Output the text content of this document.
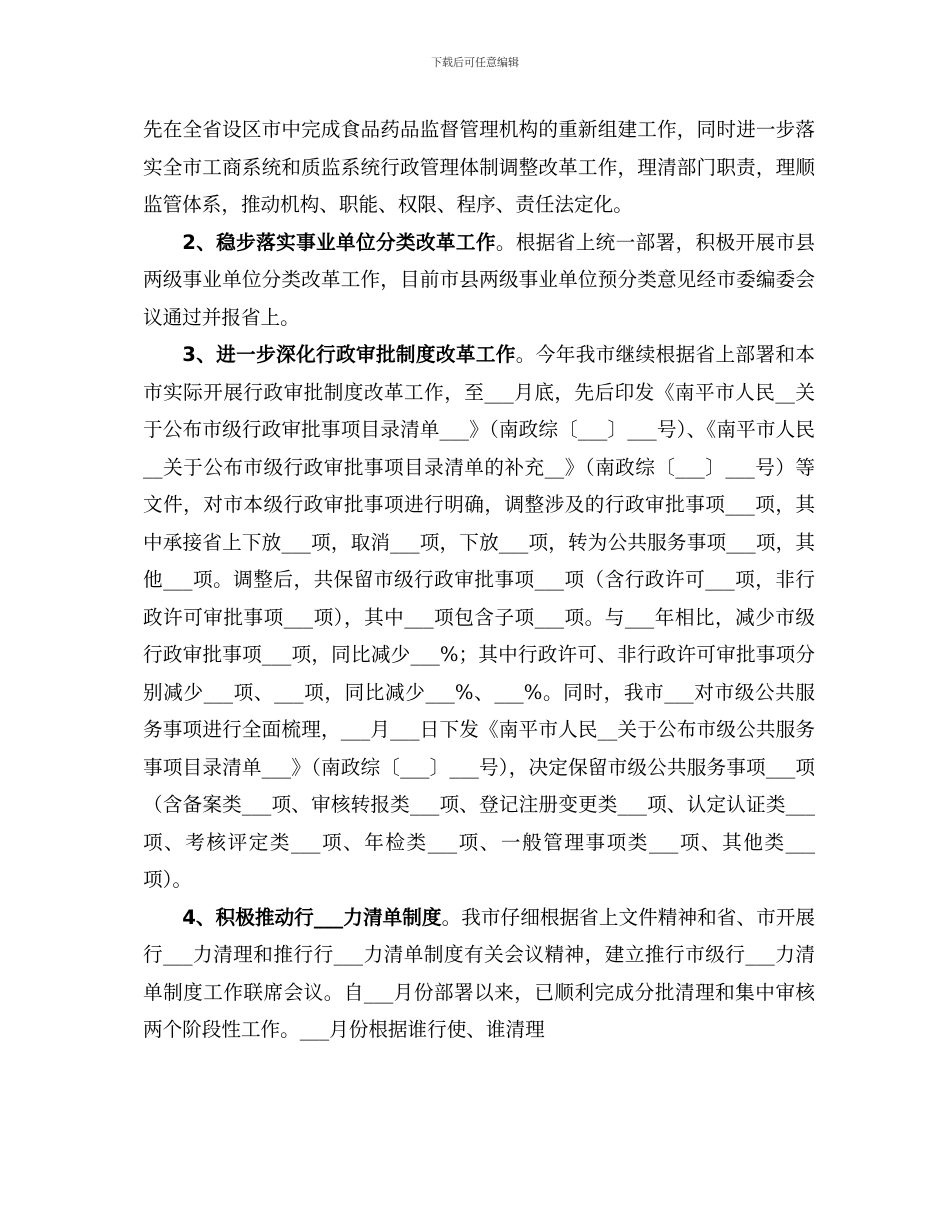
下载后可任意编辑

先在全省设区市中完成食品药品监督管理机构的重新组建工作，同时进一步落实全市工商系统和质监系统行政管理体制调整改革工作，理清部门职责，理顺监管体系，推动机构、职能、权限、程序、责任法定化。

2、稳步落实事业单位分类改革工作。根据省上统一部署，积极开展市县两级事业单位分类改革工作，目前市县两级事业单位预分类意见经市委编委会议通过并报省上。

3、进一步深化行政审批制度改革工作。今年我市继续根据省上部署和本市实际开展行政审批制度改革工作，至___月底，先后印发《南平市人民__关于公布市级行政审批事项目录清单___》（南政综〔___〕___号）、《南平市人民__关于公布市级行政审批事项目录清单的补充__》（南政综〔___〕___号）等文件，对市本级行政审批事项进行明确，调整涉及的行政审批事项___项，其中承接省上下放___项，取消___项，下放___项，转为公共服务事项___项，其他___项。调整后，共保留市级行政审批事项___项（含行政许可___项，非行政许可审批事项___项），其中___项包含子项___项。与___年相比，减少市级行政审批事项___项，同比减少___%；其中行政许可、非行政许可审批事项分别减少___项、___项，同比减少___%、___%。同时，我市___对市级公共服务事项进行全面梳理，___月___日下发《南平市人民__关于公布市级公共服务事项目录清单___》（南政综〔___〕___号），决定保留市级公共服务事项___项（含备案类___项、审核转报类___项、登记注册变更类___项、认定认证类___项、考核评定类___项、年检类___项、一般管理事项类___项、其他类___项）。

4、积极推动行___力清单制度。我市仔细根据省上文件精神和省、市开展行___力清理和推行行___力清单制度有关会议精神，建立推行市级行___力清单制度工作联席会议。自___月份部署以来，已顺利完成分批清理和集中审核两个阶段性工作。___月份根据谁行使、谁清理
